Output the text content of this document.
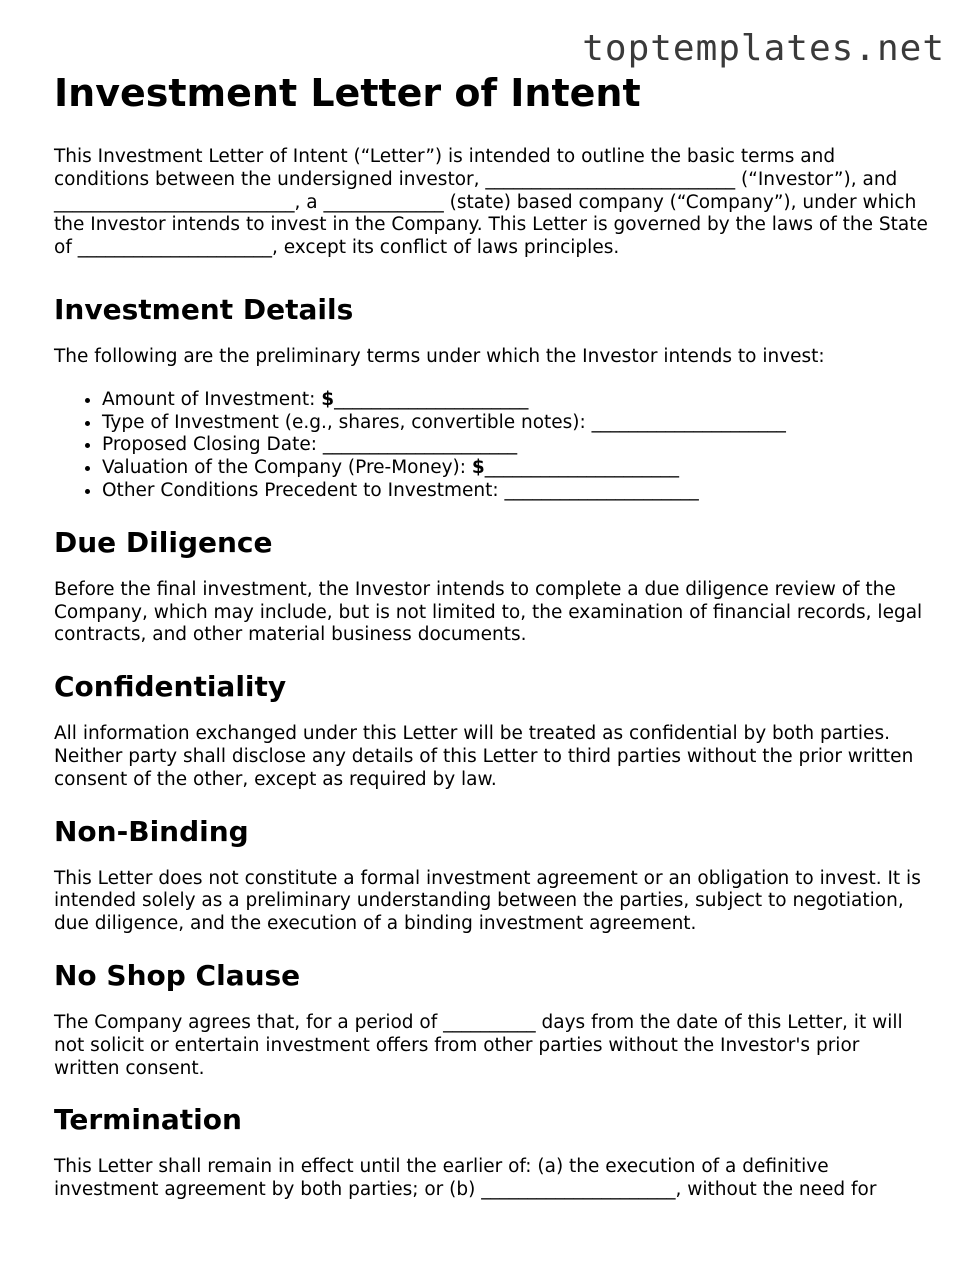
toptemplates.net
Investment Letter of Intent

This Investment Letter of Intent (“Letter”) is intended to outline the basic terms and conditions between the undersigned investor, ___________________________ (“Investor”), and __________________________, a _____________ (state) based company (“Company”), under which the Investor intends to invest in the Company. This Letter is governed by the laws of the State of _____________________, except its conflict of laws principles.

Investment Details

The following are the preliminary terms under which the Investor intends to invest:

• Amount of Investment: $_____________________
• Type of Investment (e.g., shares, convertible notes): _____________________
• Proposed Closing Date: _____________________
• Valuation of the Company (Pre-Money): $_____________________
• Other Conditions Precedent to Investment: _____________________
Due Diligence

Before the final investment, the Investor intends to complete a due diligence review of the Company, which may include, but is not limited to, the examination of financial records, legal contracts, and other material business documents.

Confidentiality

All information exchanged under this Letter will be treated as confidential by both parties. Neither party shall disclose any details of this Letter to third parties without the prior written consent of the other, except as required by law.

Non-Binding

This Letter does not constitute a formal investment agreement or an obligation to invest. It is intended solely as a preliminary understanding between the parties, subject to negotiation, due diligence, and the execution of a binding investment agreement.

No Shop Clause

The Company agrees that, for a period of __________ days from the date of this Letter, it will not solicit or entertain investment offers from other parties without the Investor's prior written consent.

Termination

This Letter shall remain in effect until the earlier of: (a) the execution of a definitive investment agreement by both parties; or (b) _____________________, without the need for
